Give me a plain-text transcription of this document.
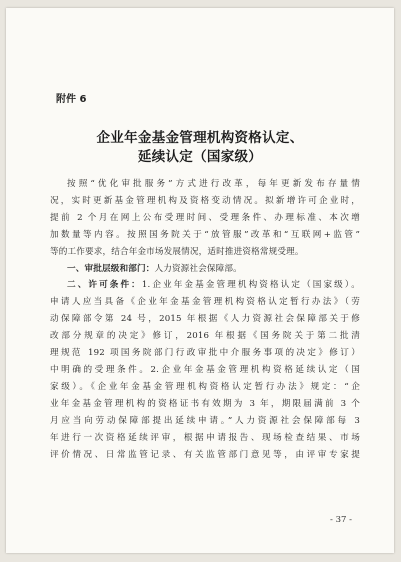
附件 6
企业年金基金管理机构资格认定、
延续认定（国家级）
按照“优化审批服务”方式进行改革，每年更新发布存量情
况，实时更新基金管理机构及资格变动情况。拟新增许可企业时，
提前 2 个月在网上公布受理时间、受理条件、办理标准、本次增
加数量等内容。按照国务院关于“放管服”改革和“互联网+监管”
等的工作要求，结合年金市场发展情况，适时推进资格常规受理。
一、审批层级和部门：人力资源社会保障部。
二、许可条件：1.企业年金基金管理机构资格认定（国家级）。
申请人应当具备《企业年金基金管理机构资格认定暂行办法》（劳
动保障部令第 24 号，2015 年根据《人力资源社会保障部关于修
改部分规章的决定》修订，2016 年根据《国务院关于第二批清
理规范 192 项国务院部门行政审批中介服务事项的决定》修订）
中明确的受理条件。2.企业年金基金管理机构资格延续认定（国
家级）。《企业年金基金管理机构资格认定暂行办法》规定：“企
业年金基金管理机构的资格证书有效期为 3 年，期限届满前 3 个
月应当向劳动保障部提出延续申请。”人力资源社会保障部每 3
年进行一次资格延续评审，根据申请报告、现场检查结果、市场
评价情况、日常监管记录、有关监管部门意见等，由评审专家提
- 37 -
